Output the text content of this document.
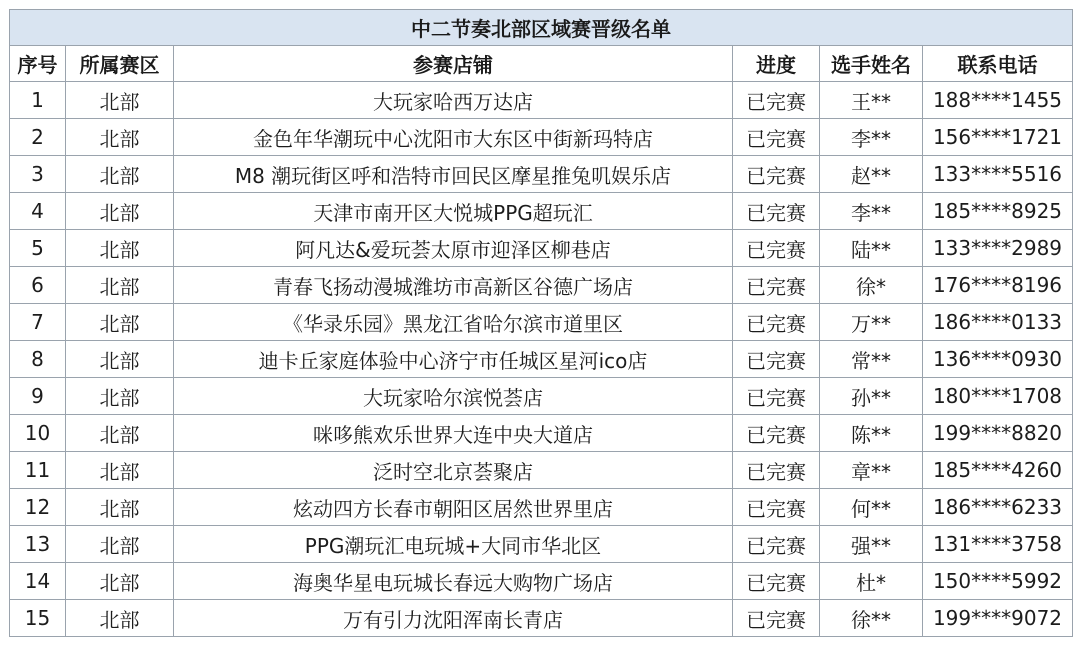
中二节奏北部区域赛晋级名单					
序号	所属赛区	参赛店铺	进度	选手姓名	联系电话
1	北部	大玩家哈西万达店	已完赛	王**	188****1455
2	北部	金色年华潮玩中心沈阳市大东区中街新玛特店	已完赛	李**	156****1721
3	北部	M8 潮玩街区呼和浩特市回民区摩星推兔叽娱乐店	已完赛	赵**	133****5516
4	北部	天津市南开区大悦城PPG超玩汇	已完赛	李**	185****8925
5	北部	阿凡达&爱玩荟太原市迎泽区柳巷店	已完赛	陆**	133****2989
6	北部	青春飞扬动漫城潍坊市高新区谷德广场店	已完赛	徐*	176****8196
7	北部	《华录乐园》黑龙江省哈尔滨市道里区	已完赛	万**	186****0133
8	北部	迪卡丘家庭体验中心济宁市任城区星河ico店	已完赛	常**	136****0930
9	北部	大玩家哈尔滨悦荟店	已完赛	孙**	180****1708
10	北部	咪哆熊欢乐世界大连中央大道店	已完赛	陈**	199****8820
11	北部	泛时空北京荟聚店	已完赛	章**	185****4260
12	北部	炫动四方长春市朝阳区居然世界里店	已完赛	何**	186****6233
13	北部	PPG潮玩汇电玩城+大同市华北区	已完赛	强**	131****3758
14	北部	海奥华星电玩城长春远大购物广场店	已完赛	杜*	150****5992
15	北部	万有引力沈阳浑南长青店	已完赛	徐**	199****9072
